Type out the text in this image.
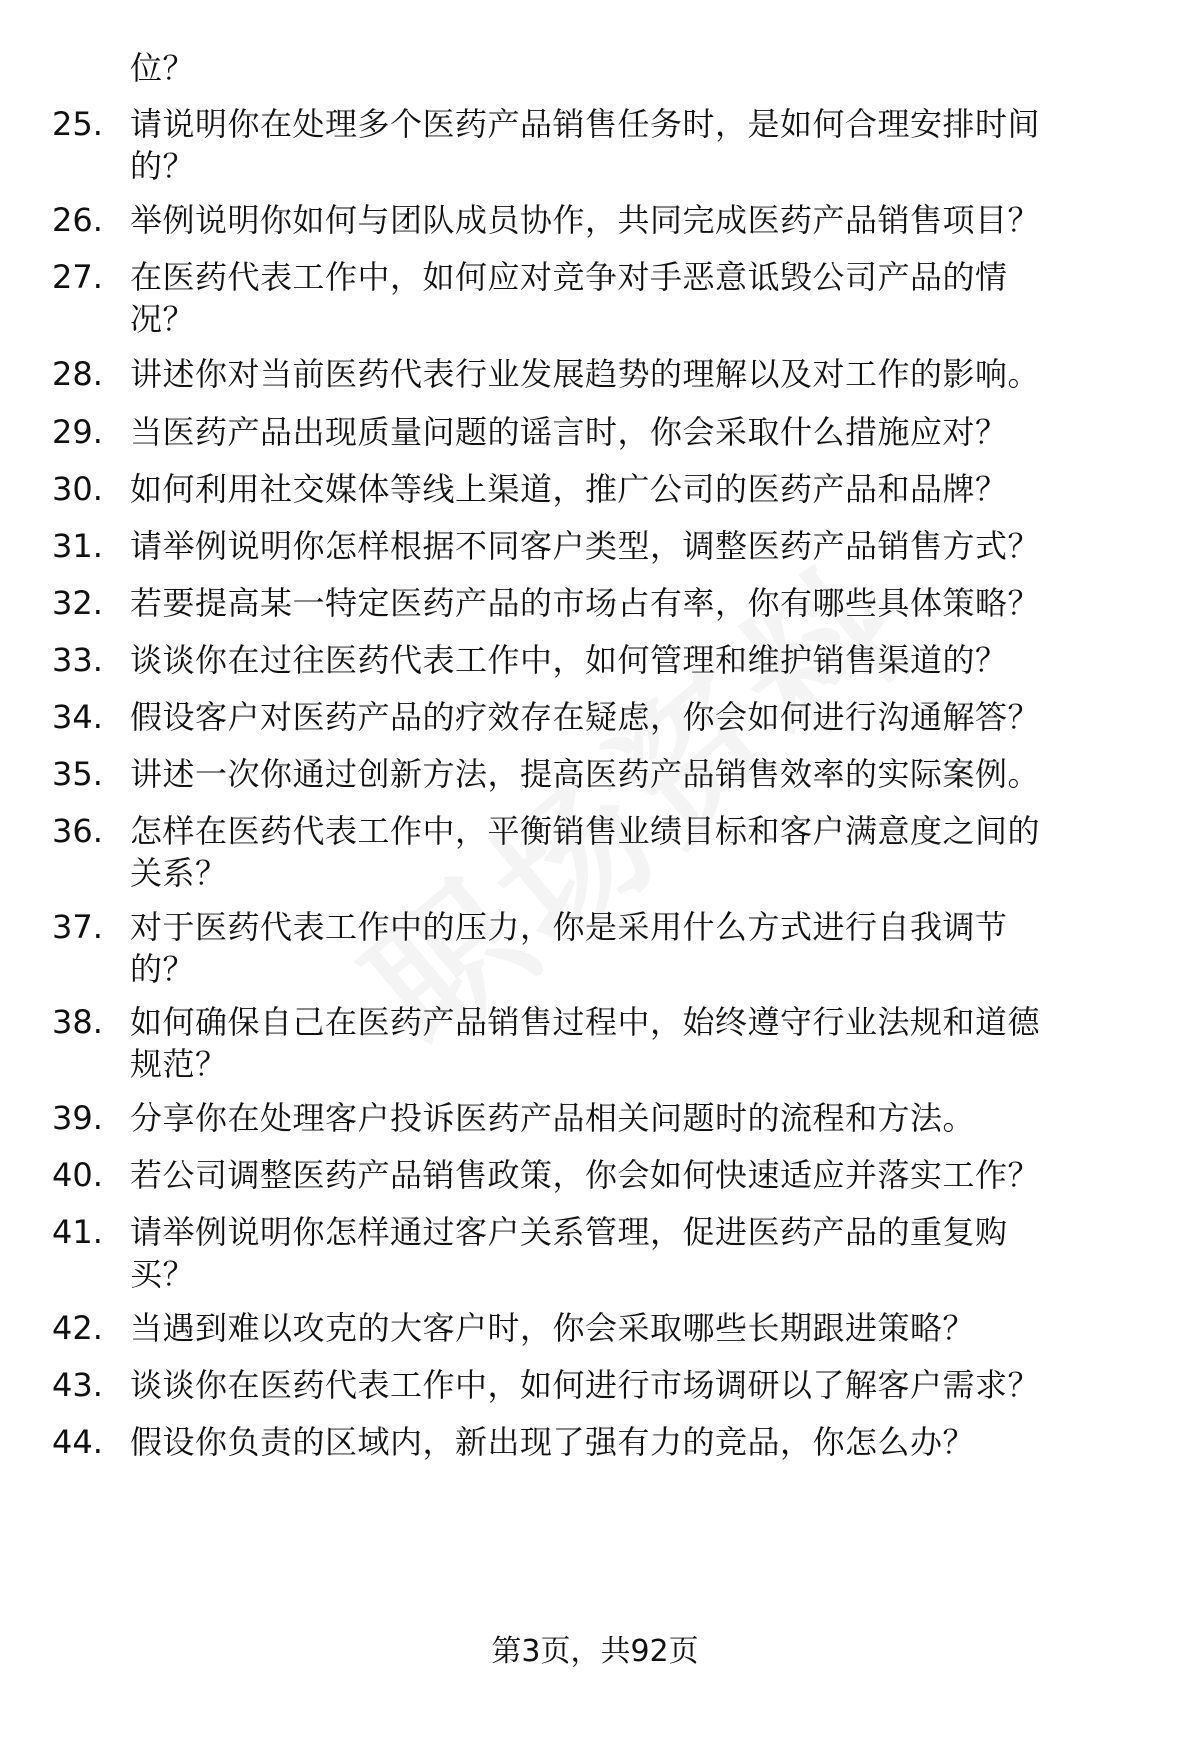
位？
25. 请说明你在处理多个医药产品销售任务时，是如何合理安排时间
的？
26. 举例说明你如何与团队成员协作，共同完成医药产品销售项目？
27. 在医药代表工作中，如何应对竞争对手恶意诋毁公司产品的情
况？
28. 讲述你对当前医药代表行业发展趋势的理解以及对工作的影响。
29. 当医药产品出现质量问题的谣言时，你会采取什么措施应对？
30. 如何利用社交媒体等线上渠道，推广公司的医药产品和品牌？
31. 请举例说明你怎样根据不同客户类型，调整医药产品销售方式？
32. 若要提高某一特定医药产品的市场占有率，你有哪些具体策略？
33. 谈谈你在过往医药代表工作中，如何管理和维护销售渠道的？
34. 假设客户对医药产品的疗效存在疑虑，你会如何进行沟通解答？
35. 讲述一次你通过创新方法，提高医药产品销售效率的实际案例。
36. 怎样在医药代表工作中，平衡销售业绩目标和客户满意度之间的
关系？
37. 对于医药代表工作中的压力，你是采用什么方式进行自我调节
的？
38. 如何确保自己在医药产品销售过程中，始终遵守行业法规和道德
规范？
39. 分享你在处理客户投诉医药产品相关问题时的流程和方法。
40. 若公司调整医药产品销售政策，你会如何快速适应并落实工作？
41. 请举例说明你怎样通过客户关系管理，促进医药产品的重复购
买？
42. 当遇到难以攻克的大客户时，你会采取哪些长期跟进策略？
43. 谈谈你在医药代表工作中，如何进行市场调研以了解客户需求？
44. 假设你负责的区域内，新出现了强有力的竞品，你怎么办？
第3页，共92页
